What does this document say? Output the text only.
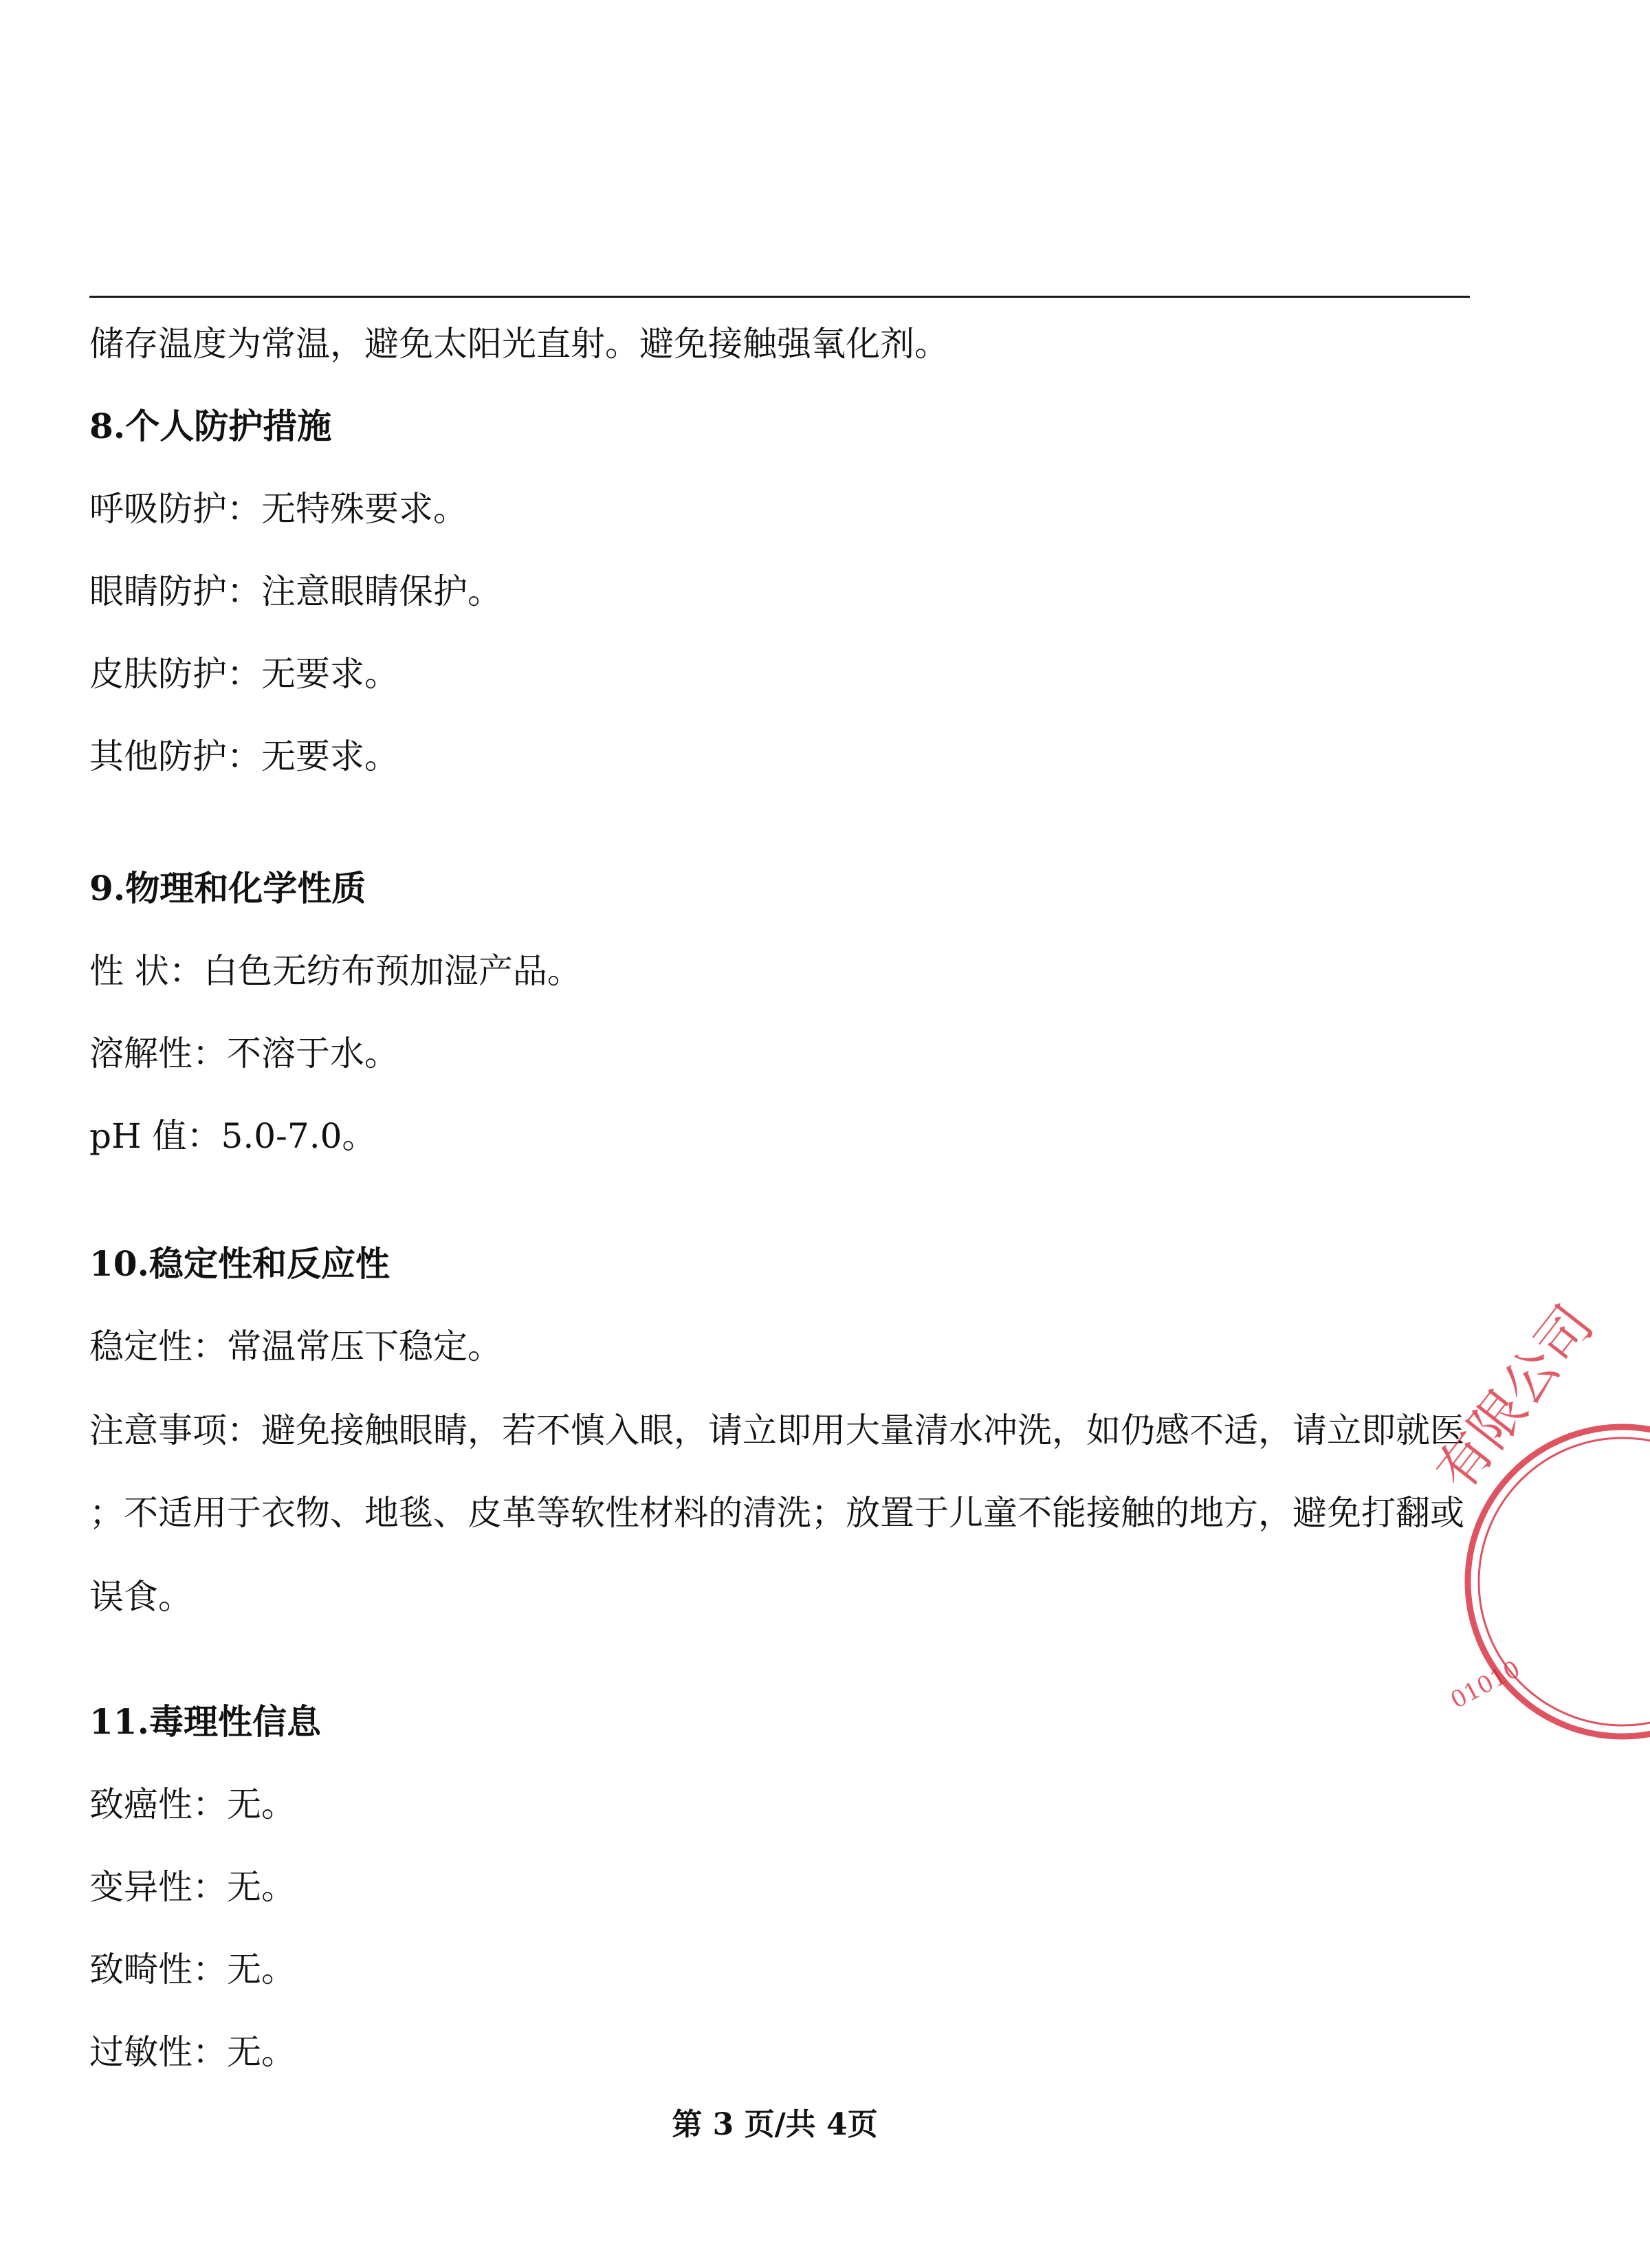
储存温度为常温，避免太阳光直射。避免接触强氧化剂。
8.个人防护措施
呼吸防护：无特殊要求。
眼睛防护：注意眼睛保护。
皮肤防护：无要求。
其他防护：无要求。
9.物理和化学性质
性 状：白色无纺布预加湿产品。
溶解性：不溶于水。
pH 值：5.0-7.0。
10.稳定性和反应性
稳定性：常温常压下稳定。
注意事项：避免接触眼睛，若不慎入眼，请立即用大量清水冲洗，如仍感不适，请立即就医
；不适用于衣物、地毯、皮革等软性材料的清洗；放置于儿童不能接触的地方，避免打翻或
误食。
11.毒理性信息
致癌性：无。
变异性：无。
致畸性：无。
过敏性：无。
第 3 页/共 4页
有限公司
01010
